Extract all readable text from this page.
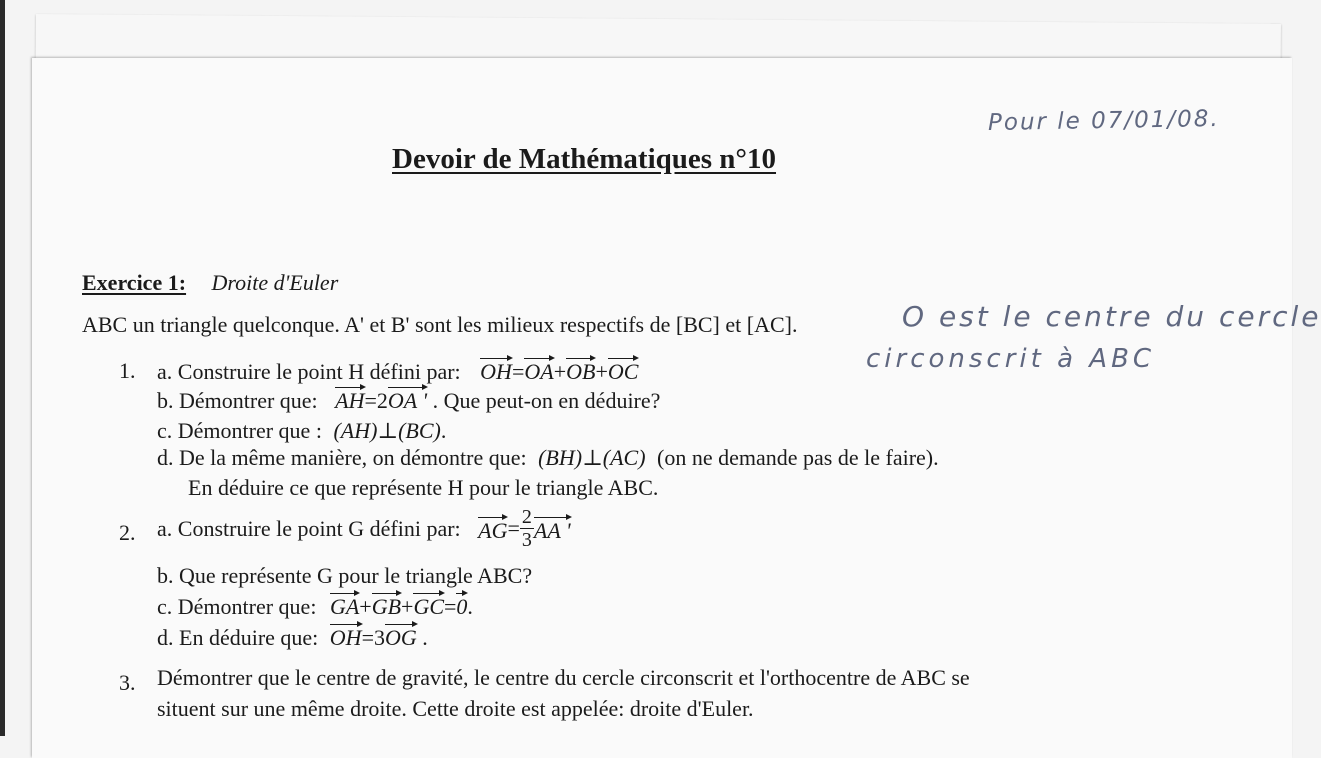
Pour le 07/01/08.
O est le centre du cercle
circonscrit à ABC
Devoir de Mathématiques n°10
Exercice 1: Droite d'Euler
ABC un triangle quelconque. A' et B' sont les milieux respectifs de [BC] et [AC].
1. a. Construire le point H défini par: OH=OA+OB+OC
b. Démontrer que: AH=2OA ' . Que peut-on en déduire?
c. Démontrer que : (AH)⊥(BC).
d. De la même manière, on démontre que: (BH)⊥(AC) (on ne demande pas de le faire).
En déduire ce que représente H pour le triangle ABC.
2. a. Construire le point G défini par: $AG= \frac{2}{3}$ AA '
b. Que représente G pour le triangle ABC?
c. Démontrer que: GA+GB+GC=0.
d. En déduire que: OH=3OG .
3. Démontrer que le centre de gravité, le centre du cercle circonscrit et l'orthocentre de ABC se
situent sur une même droite. Cette droite est appelée: droite d'Euler.
